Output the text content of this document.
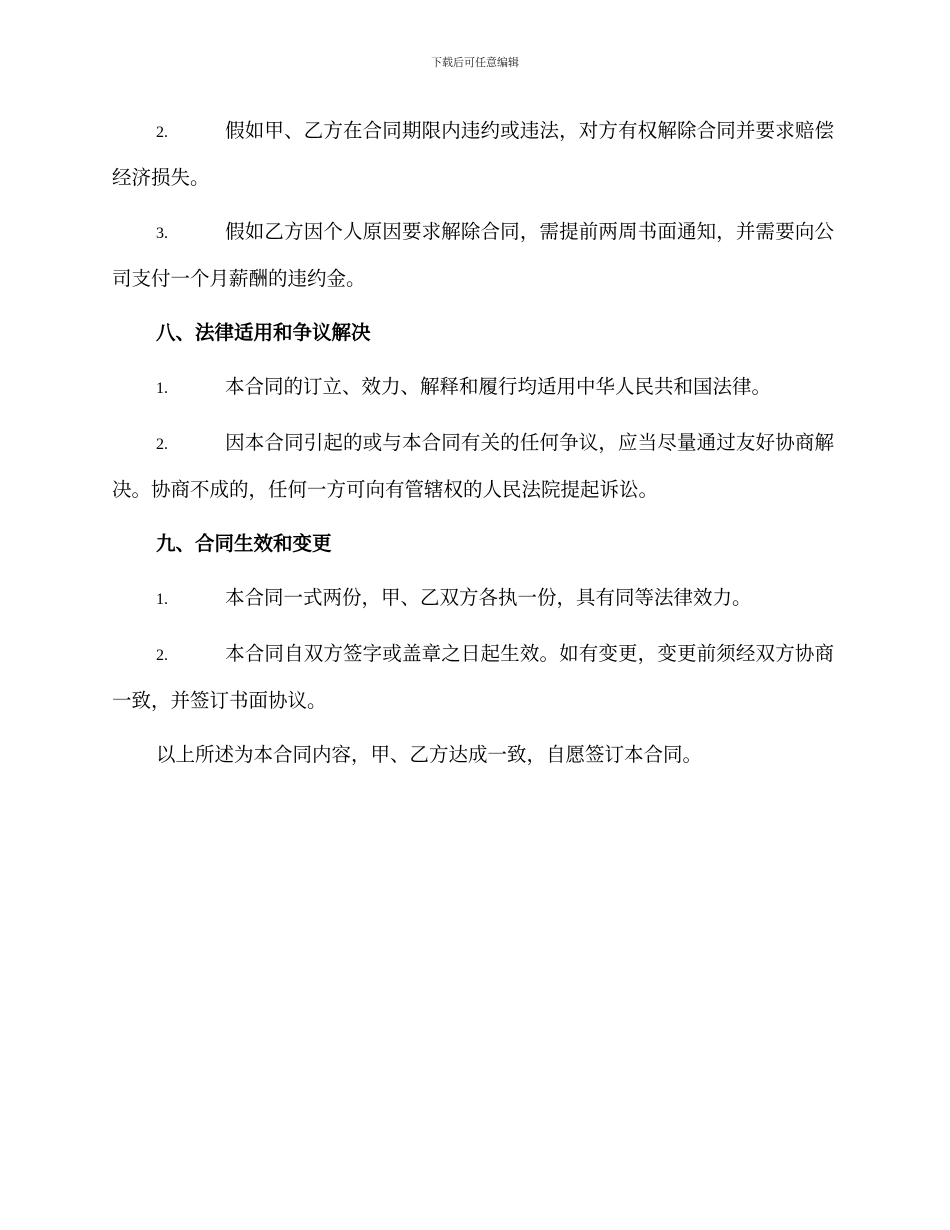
下载后可任意编辑

2.	假如甲、乙方在合同期限内违约或违法，对方有权解除合同并要求赔偿经济损失。

3.	假如乙方因个人原因要求解除合同，需提前两周书面通知，并需要向公司支付一个月薪酬的违约金。

八、法律适用和争议解决

1.	本合同的订立、效力、解释和履行均适用中华人民共和国法律。

2.	因本合同引起的或与本合同有关的任何争议，应当尽量通过友好协商解决。协商不成的，任何一方可向有管辖权的人民法院提起诉讼。

九、合同生效和变更

1.	本合同一式两份，甲、乙双方各执一份，具有同等法律效力。

2.	本合同自双方签字或盖章之日起生效。如有变更，变更前须经双方协商一致，并签订书面协议。

以上所述为本合同内容，甲、乙方达成一致，自愿签订本合同。
